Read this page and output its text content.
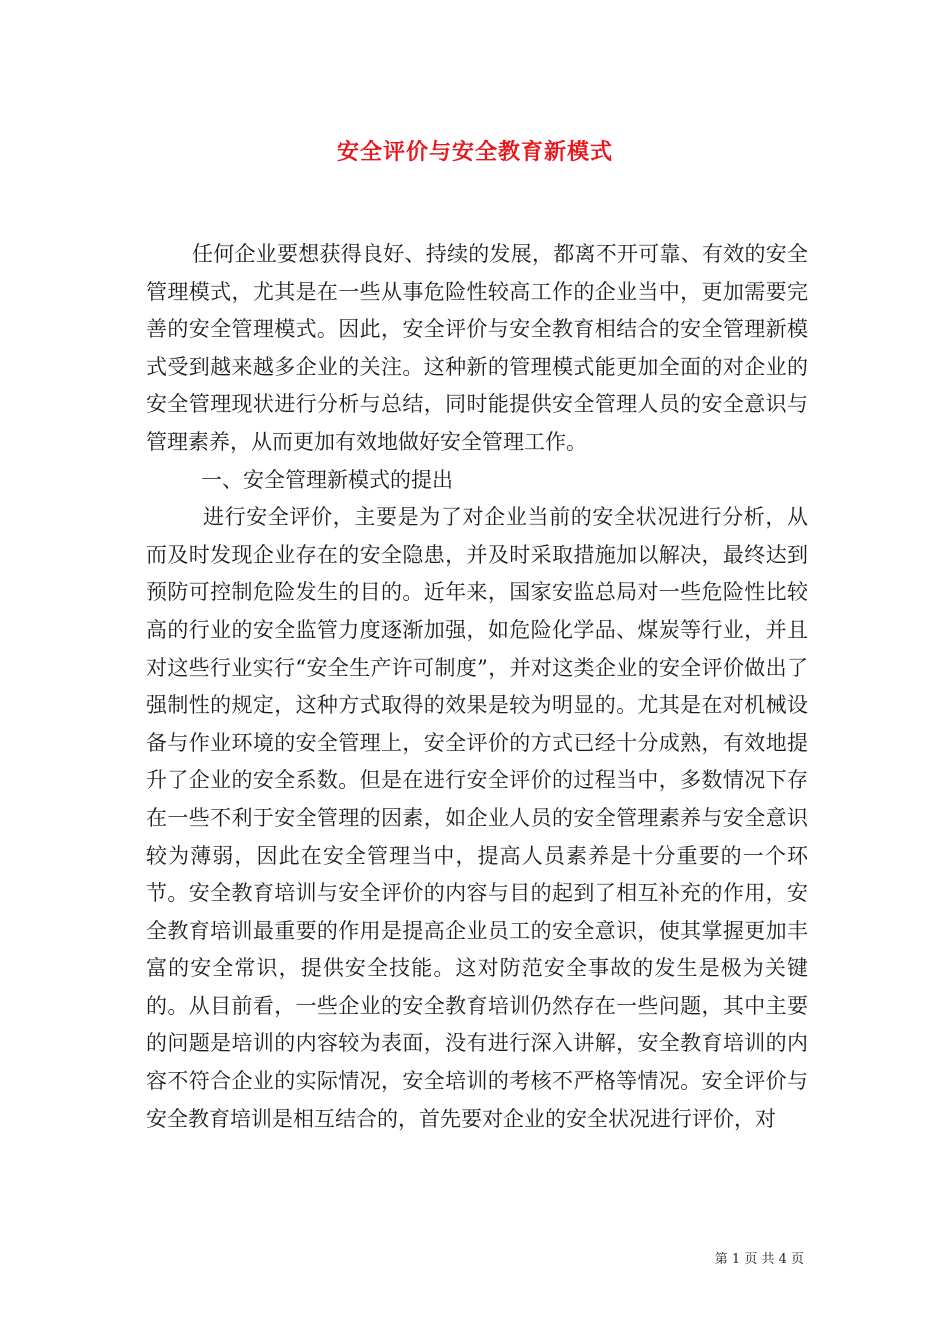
安全评价与安全教育新模式

任何企业要想获得良好、持续的发展，都离不开可靠、有效的安全管理模式，尤其是在一些从事危险性较高工作的企业当中，更加需要完善的安全管理模式。因此，安全评价与安全教育相结合的安全管理新模式受到越来越多企业的关注。这种新的管理模式能更加全面的对企业的安全管理现状进行分析与总结，同时能提供安全管理人员的安全意识与管理素养，从而更加有效地做好安全管理工作。

一、安全管理新模式的提出

进行安全评价，主要是为了对企业当前的安全状况进行分析，从而及时发现企业存在的安全隐患，并及时采取措施加以解决，最终达到预防可控制危险发生的目的。近年来，国家安监总局对一些危险性比较高的行业的安全监管力度逐渐加强，如危险化学品、煤炭等行业，并且对这些行业实行“安全生产许可制度”，并对这类企业的安全评价做出了强制性的规定，这种方式取得的效果是较为明显的。尤其是在对机械设备与作业环境的安全管理上，安全评价的方式已经十分成熟，有效地提升了企业的安全系数。但是在进行安全评价的过程当中，多数情况下存在一些不利于安全管理的因素，如企业人员的安全管理素养与安全意识较为薄弱，因此在安全管理当中，提高人员素养是十分重要的一个环节。安全教育培训与安全评价的内容与目的起到了相互补充的作用，安全教育培训最重要的作用是提高企业员工的安全意识，使其掌握更加丰富的安全常识，提供安全技能。这对防范安全事故的发生是极为关键的。从目前看，一些企业的安全教育培训仍然存在一些问题，其中主要的问题是培训的内容较为表面，没有进行深入讲解，安全教育培训的内容不符合企业的实际情况，安全培训的考核不严格等情况。安全评价与安全教育培训是相互结合的，首先要对企业的安全状况进行评价，对

第 1 页 共 4 页
